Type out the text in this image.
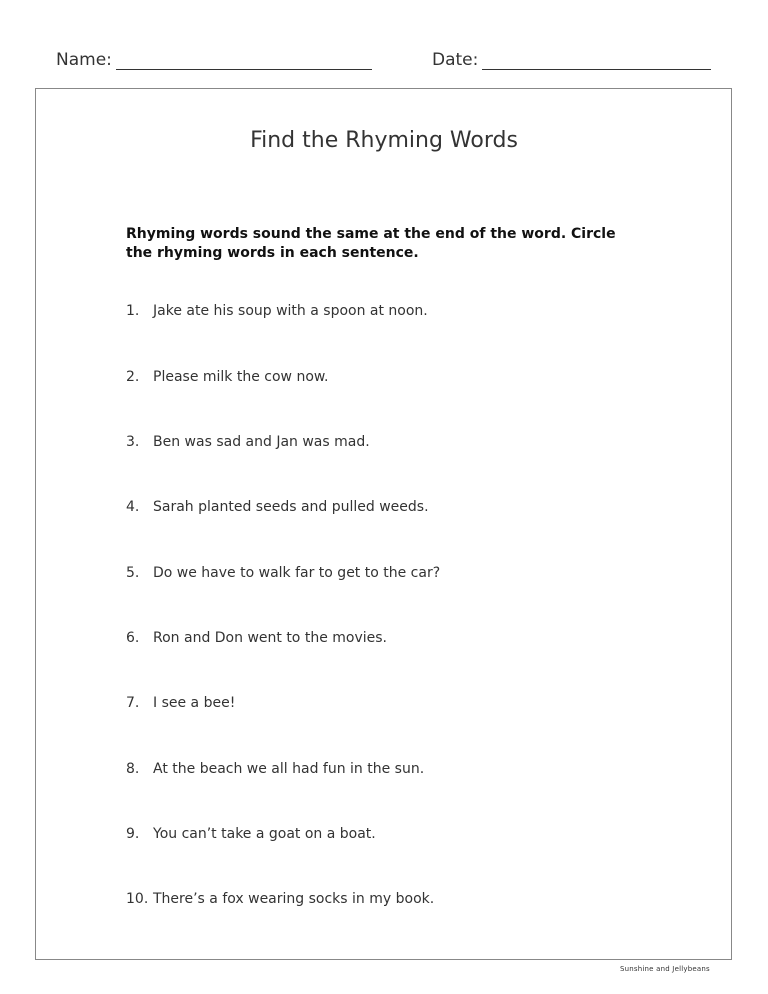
Name:	Date:
Find the Rhyming Words
Rhyming words sound the same at the end of the word. Circle the rhyming words in each sentence.
1. Jake ate his soup with a spoon at noon.
2. Please milk the cow now.
3. Ben was sad and Jan was mad.
4. Sarah planted seeds and pulled weeds.
5. Do we have to walk far to get to the car?
6. Ron and Don went to the movies.
7. I see a bee!
8. At the beach we all had fun in the sun.
9. You can’t take a goat on a boat.
10. There’s a fox wearing socks in my book.
Sunshine and Jellybeans
